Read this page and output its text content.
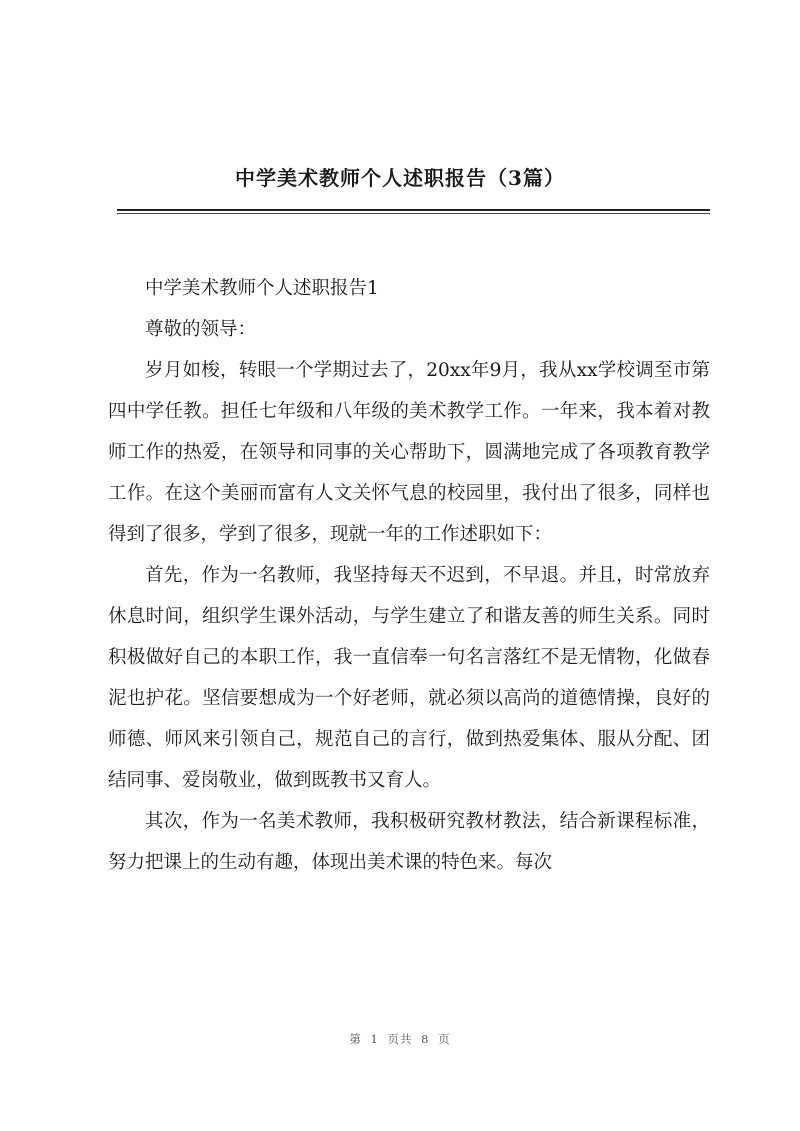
中学美术教师个人述职报告（3篇）

中学美术教师个人述职报告1

尊敬的领导：

岁月如梭，转眼一个学期过去了，20xx年9月，我从xx学校调至市第四中学任教。担任七年级和八年级的美术教学工作。一年来，我本着对教师工作的热爱，在领导和同事的关心帮助下，圆满地完成了各项教育教学工作。在这个美丽而富有人文关怀气息的校园里，我付出了很多，同样也得到了很多，学到了很多，现就一年的工作述职如下：

首先，作为一名教师，我坚持每天不迟到，不早退。并且，时常放弃休息时间，组织学生课外活动，与学生建立了和谐友善的师生关系。同时积极做好自己的本职工作，我一直信奉一句名言落红不是无情物，化做春泥也护花。坚信要想成为一个好老师，就必须以高尚的道德情操，良好的师德、师风来引领自己，规范自己的言行，做到热爱集体、服从分配、团结同事、爱岗敬业，做到既教书又育人。

其次，作为一名美术教师，我积极研究教材教法，结合新课程标准，努力把课上的生动有趣，体现出美术课的特色来。每次

第 1 页共 8 页
